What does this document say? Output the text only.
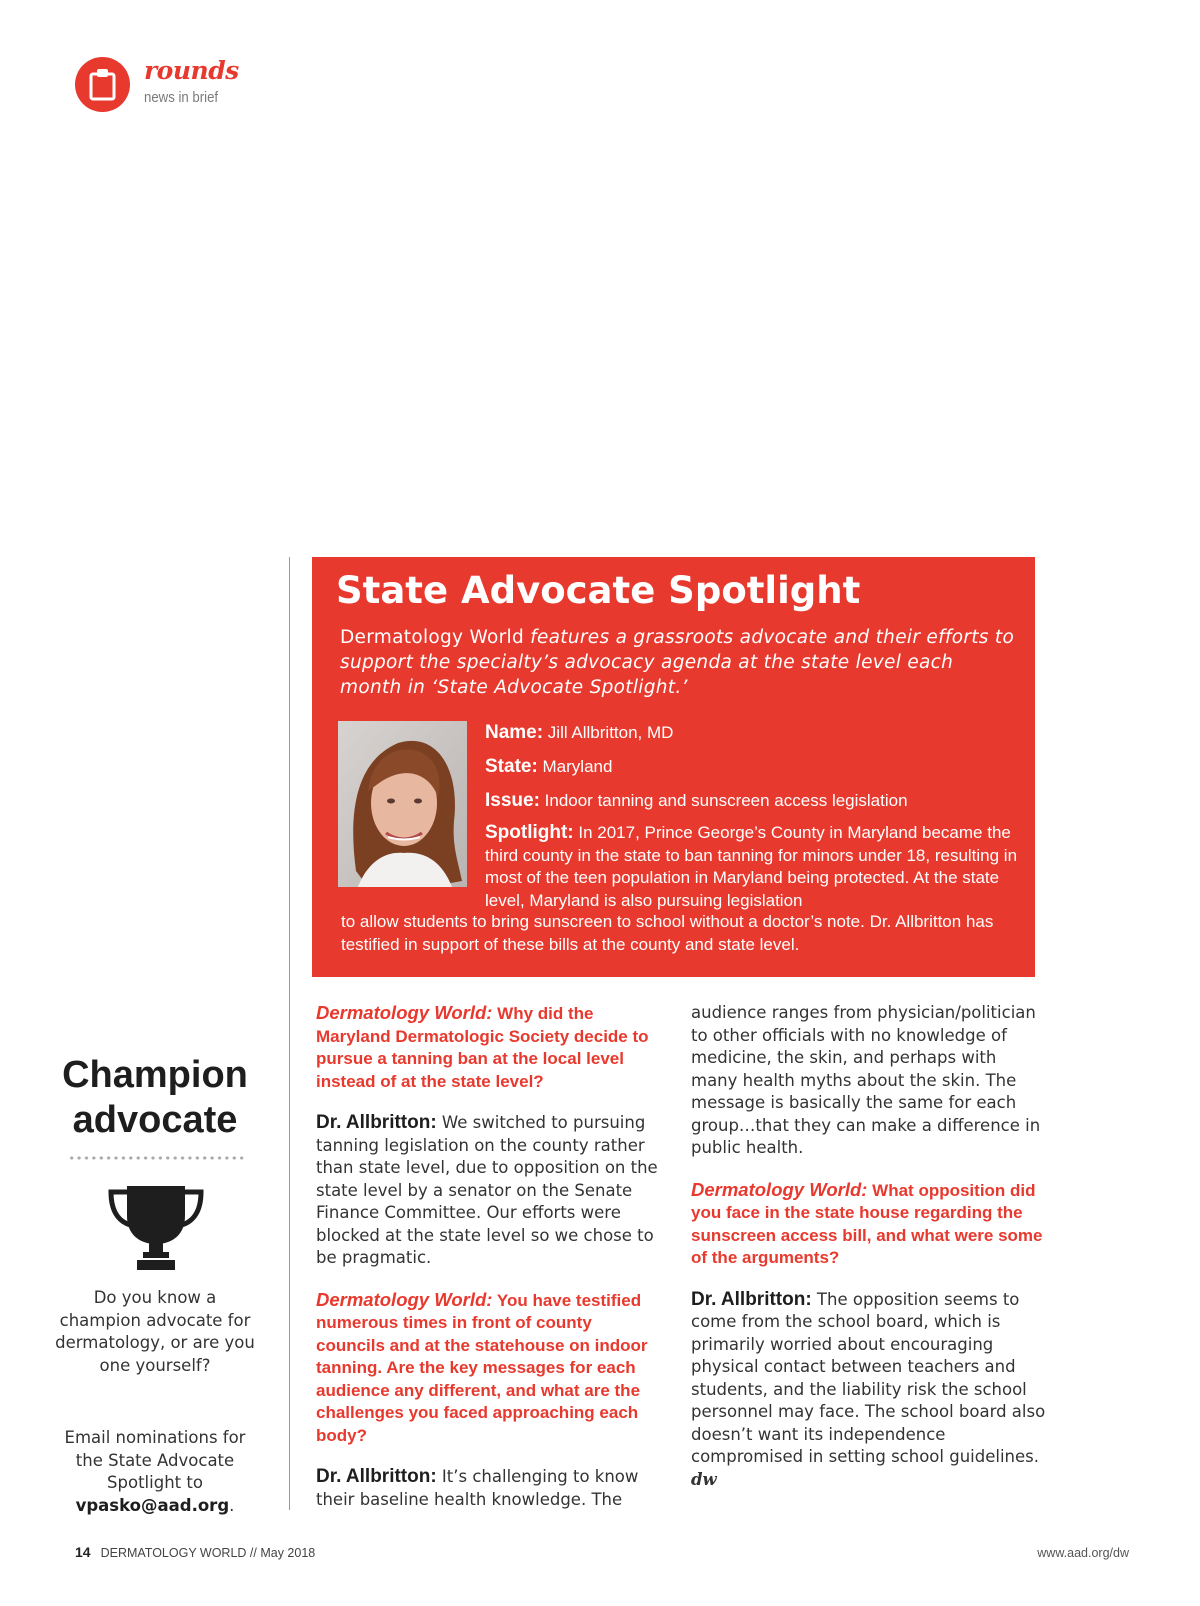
rounds
news in brief
State Advocate Spotlight
Dermatology World features a grassroots advocate and their efforts to support the specialty’s advocacy agenda at the state level each month in ‘State Advocate Spotlight.’
Name: Jill Allbritton, MD
State: Maryland
Issue: Indoor tanning and sunscreen access legislation
Spotlight: In 2017, Prince George’s County in Maryland became the third county in the state to ban tanning for minors under 18, resulting in most of the teen population in Maryland being protected. At the state level, Maryland is also pursuing legislation
to allow students to bring sunscreen to school without a doctor’s note. Dr. Allbritton has testified in support of these bills at the county and state level.
Champion advocate
Do you know a champion advocate for dermatology, or are you one yourself?
Email nominations for the State Advocate Spotlight to
vpasko@aad.org.

Dermatology World: Why did the Maryland Dermatologic Society decide to pursue a tanning ban at the local level instead of at the state level?

Dr. Allbritton: We switched to pursuing tanning legislation on the county rather than state level, due to opposition on the state level by a senator on the Senate Finance Committee. Our efforts were blocked at the state level so we chose to be pragmatic.

Dermatology World: You have testified numerous times in front of county councils and at the statehouse on indoor tanning. Are the key messages for each audience any different, and what are the challenges you faced approaching each body?

Dr. Allbritton: It’s challenging to know their baseline health knowledge. The

audience ranges from physician/politician to other officials with no knowledge of medicine, the skin, and perhaps with many health myths about the skin. The message is basically the same for each group…that they can make a difference in public health.

Dermatology World: What opposition did you face in the state house regarding the sunscreen access bill, and what were some of the arguments?

Dr. Allbritton: The opposition seems to come from the school board, which is primarily worried about encouraging physical contact between teachers and students, and the liability risk the school personnel may face. The school board also doesn’t want its independence compromised in setting school guidelines. dw

14 DERMATOLOGY WORLD // May 2018	www.aad.org/dw
